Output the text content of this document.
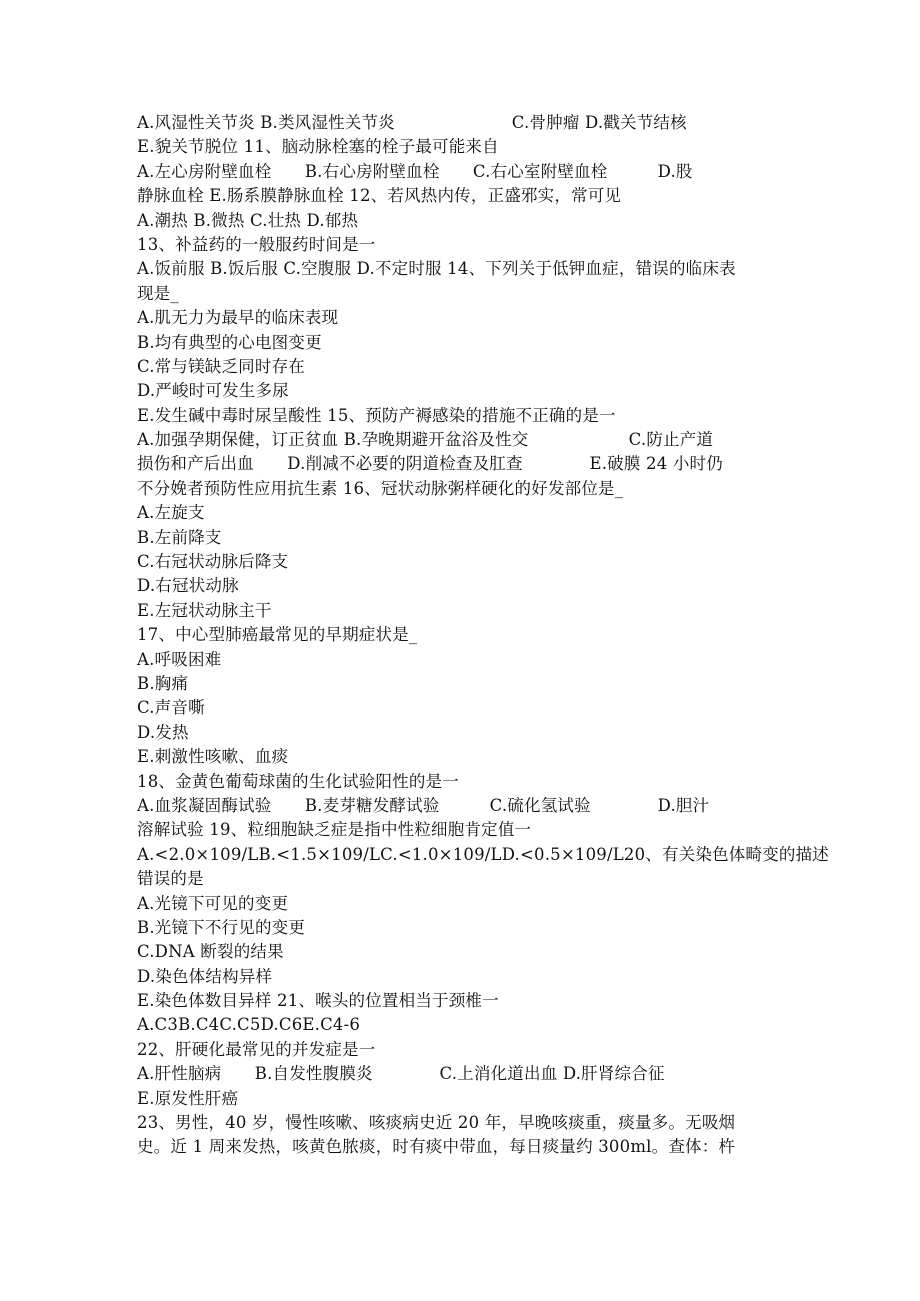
A.风湿性关节炎 B.类风湿性关节炎　　　　　　　C.骨肿瘤 D.戳关节结核
E.貌关节脱位 11、脑动脉栓塞的栓子最可能来自
A.左心房附壁血栓　　B.右心房附壁血栓　　C.右心室附壁血栓　　　D.股
静脉血栓 E.肠系膜静脉血栓 12、若风热内传，正盛邪实，常可见
A.潮热 B.微热 C.壮热 D.郁热
13、补益药的一般服药时间是一
A.饭前服 B.饭后服 C.空腹服 D.不定时服 14、下列关于低钾血症，错误的临床表
现是_
A.肌无力为最早的临床表现
B.均有典型的心电图变更
C.常与镁缺乏同时存在
D.严峻时可发生多尿
E.发生碱中毒时尿呈酸性 15、预防产褥感染的措施不正确的是一
A.加强孕期保健，订正贫血 B.孕晚期避开盆浴及性交　　　　　　C.防止产道
损伤和产后出血　　D.削减不必要的阴道检查及肛查　　　　E.破膜 24 小时仍
不分娩者预防性应用抗生素 16、冠状动脉粥样硬化的好发部位是_
A.左旋支
B.左前降支
C.右冠状动脉后降支
D.右冠状动脉
E.左冠状动脉主干
17、中心型肺癌最常见的早期症状是_
A.呼吸困难
B.胸痛
C.声音嘶
D.发热
E.刺激性咳嗽、血痰
18、金黄色葡萄球菌的生化试验阳性的是一
A.血浆凝固酶试验　　B.麦芽糖发酵试验　　　C.硫化氢试验　　　　D.胆汁
溶解试验 19、粒细胞缺乏症是指中性粒细胞肯定值一
A.<2.0×109/LB.<1.5×109/LC.<1.0×109/LD.<0.5×109/L20、有关染色体畸变的描述
错误的是
A.光镜下可见的变更
B.光镜下不行见的变更
C.DNA 断裂的结果
D.染色体结构异样
E.染色体数目异样 21、喉头的位置相当于颈椎一
A.C3B.C4C.C5D.C6E.C4-6
22、肝硬化最常见的并发症是一
A.肝性脑病　　B.自发性腹膜炎　　　　C.上消化道出血 D.肝肾综合征
E.原发性肝癌
23、男性，40 岁，慢性咳嗽、咳痰病史近 20 年，早晚咳痰重，痰量多。无吸烟
史。近 1 周来发热，咳黄色脓痰，时有痰中带血，每日痰量约 300ml。查体：杵
